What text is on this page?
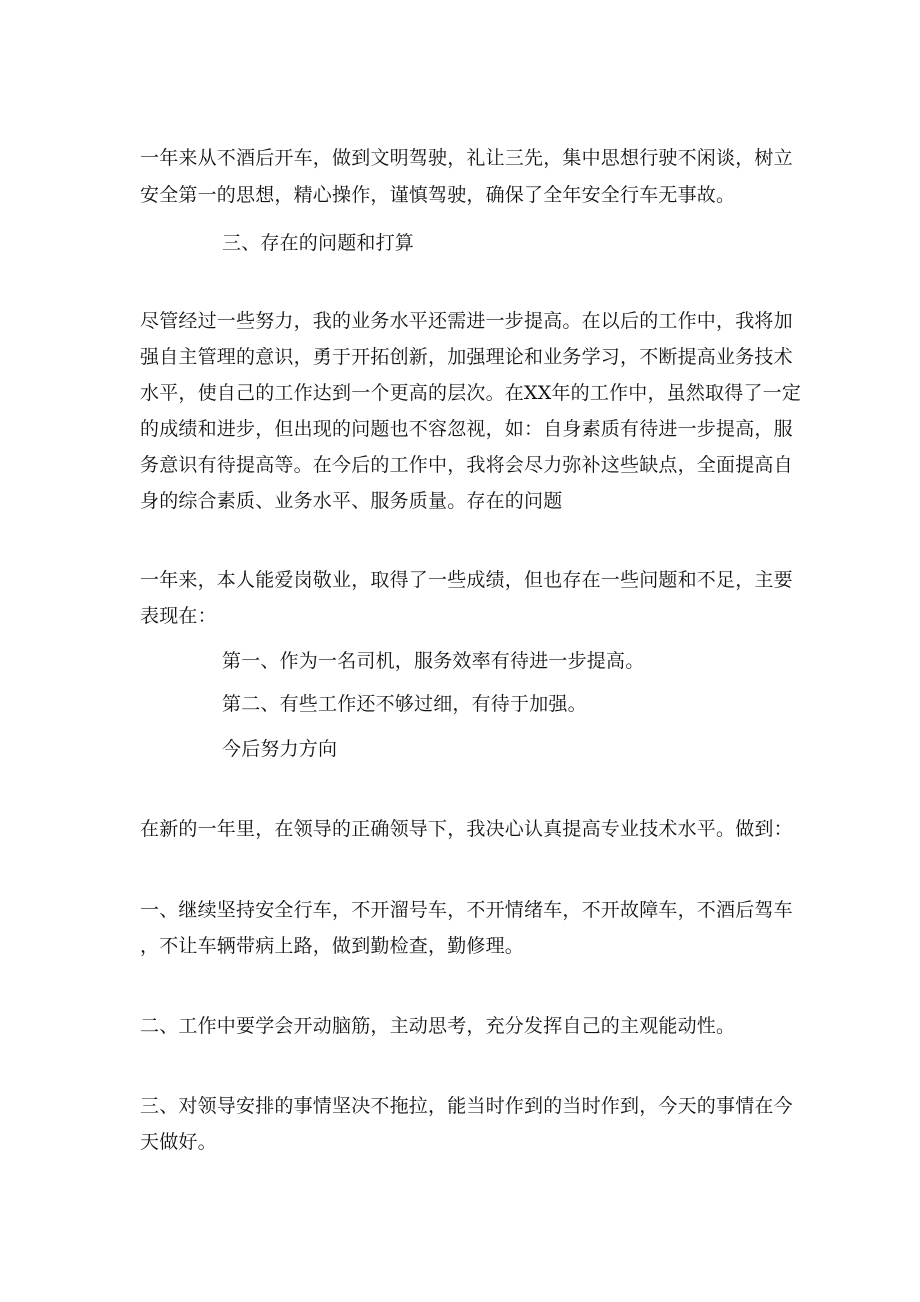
一年来从不酒后开车，做到文明驾驶，礼让三先，集中思想行驶不闲谈，树立
安全第一的思想，精心操作，谨慎驾驶，确保了全年安全行车无事故。
三、存在的问题和打算
尽管经过一些努力，我的业务水平还需进一步提高。在以后的工作中，我将加
强自主管理的意识，勇于开拓创新，加强理论和业务学习，不断提高业务技术
水平，使自己的工作达到一个更高的层次。在XX年的工作中，虽然取得了一定
的成绩和进步，但出现的问题也不容忽视，如：自身素质有待进一步提高，服
务意识有待提高等。在今后的工作中，我将会尽力弥补这些缺点，全面提高自
身的综合素质、业务水平、服务质量。存在的问题
一年来，本人能爱岗敬业，取得了一些成绩，但也存在一些问题和不足，主要
表现在：
第一、作为一名司机，服务效率有待进一步提高。
第二、有些工作还不够过细，有待于加强。
今后努力方向
在新的一年里，在领导的正确领导下，我决心认真提高专业技术水平。做到：
一、继续坚持安全行车，不开溜号车，不开情绪车，不开故障车，不酒后驾车
，不让车辆带病上路，做到勤检查，勤修理。
二、工作中要学会开动脑筋，主动思考，充分发挥自己的主观能动性。
三、对领导安排的事情坚决不拖拉，能当时作到的当时作到，今天的事情在今
天做好。
